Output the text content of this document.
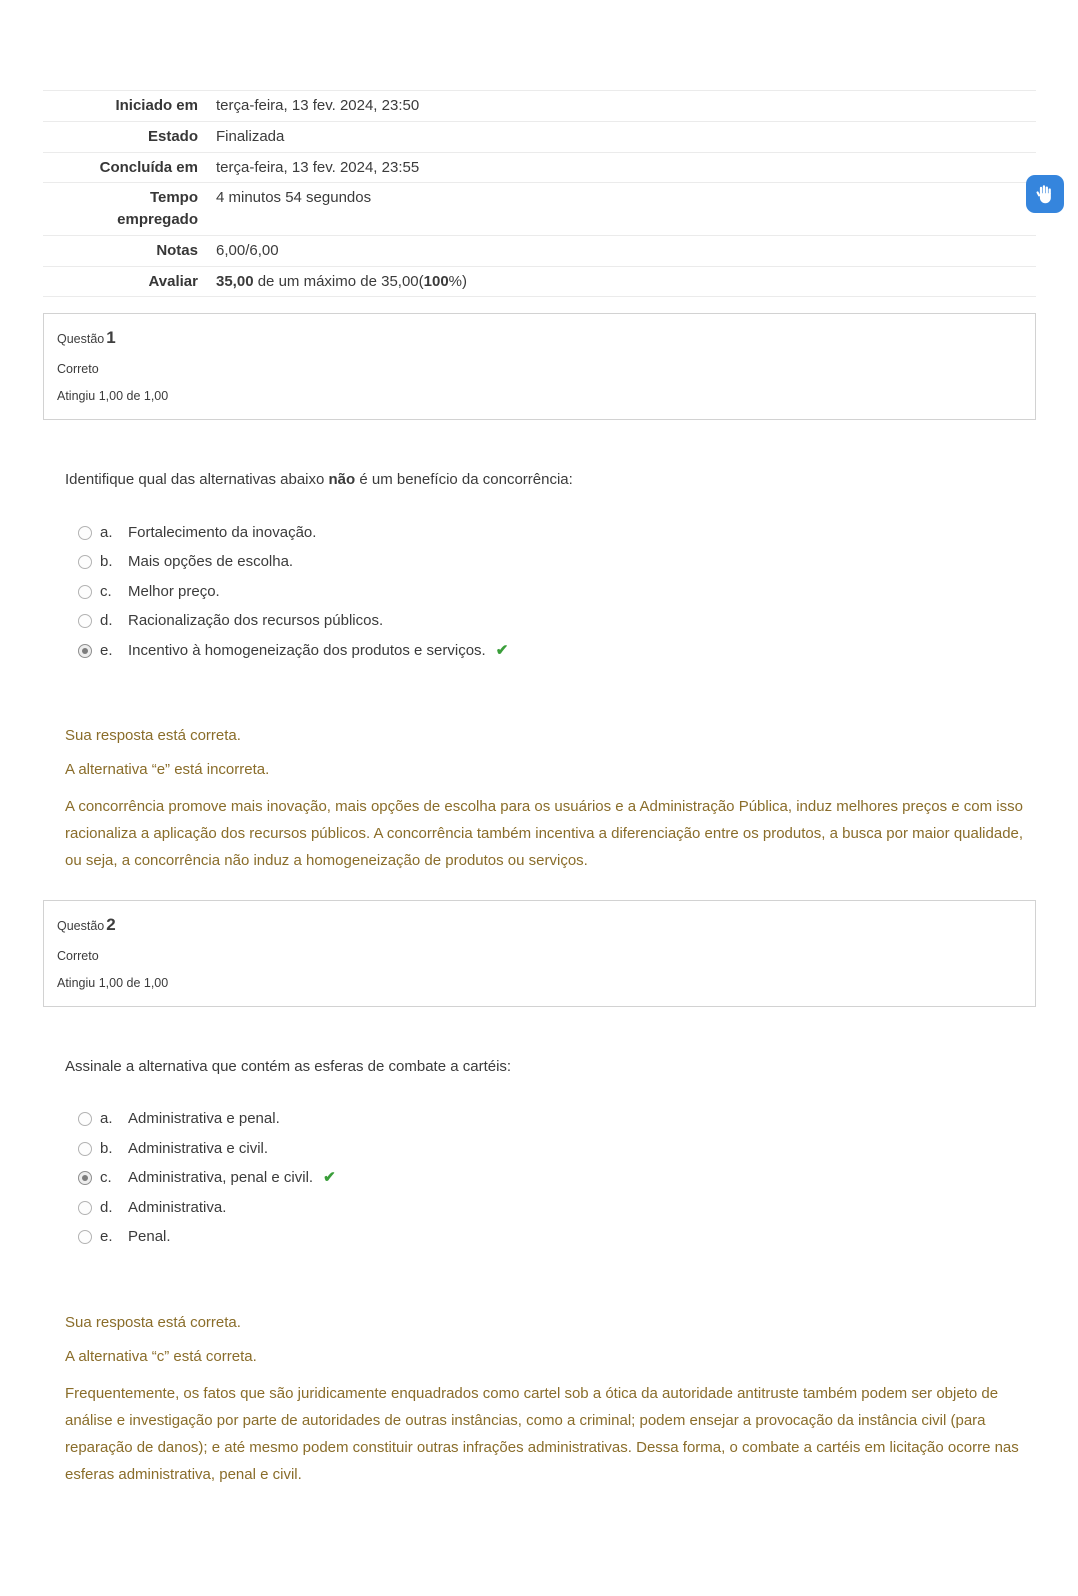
Iniciado em	terça-feira, 13 fev. 2024, 23:50
Estado	Finalizada
Concluída em	terça-feira, 13 fev. 2024, 23:55
Tempo empregado
4 minutos 54 segundos
Notas	6,00/6,00
Avaliar	35,00 de um máximo de 35,00(100%)
Questão 1
Correto
Atingiu 1,00 de 1,00

Identifique qual das alternativas abaixo não é um benefício da concorrência:

a.	Fortalecimento da inovação.
b.	Mais opções de escolha.
c.	Melhor preço.
d.	Racionalização dos recursos públicos.
e.	Incentivo à homogeneização dos produtos e serviços. ✔

Sua resposta está correta.

A alternativa “e” está incorreta.

A concorrência promove mais inovação, mais opções de escolha para os usuários e a Administração Pública, induz melhores preços e com isso racionaliza a aplicação dos recursos públicos. A concorrência também incentiva a diferenciação entre os produtos, a busca por maior qualidade, ou seja, a concorrência não induz a homogeneização de produtos ou serviços.

Questão 2
Correto
Atingiu 1,00 de 1,00

Assinale a alternativa que contém as esferas de combate a cartéis:

a.	Administrativa e penal.
b.	Administrativa e civil.
c.	Administrativa, penal e civil. ✔
d.	Administrativa.
e.	Penal.

Sua resposta está correta.

A alternativa “c” está correta.

Frequentemente, os fatos que são juridicamente enquadrados como cartel sob a ótica da autoridade antitruste também podem ser objeto de análise e investigação por parte de autoridades de outras instâncias, como a criminal; podem ensejar a provocação da instância civil (para reparação de danos); e até mesmo podem constituir outras infrações administrativas. Dessa forma, o combate a cartéis em licitação ocorre nas esferas administrativa, penal e civil.
